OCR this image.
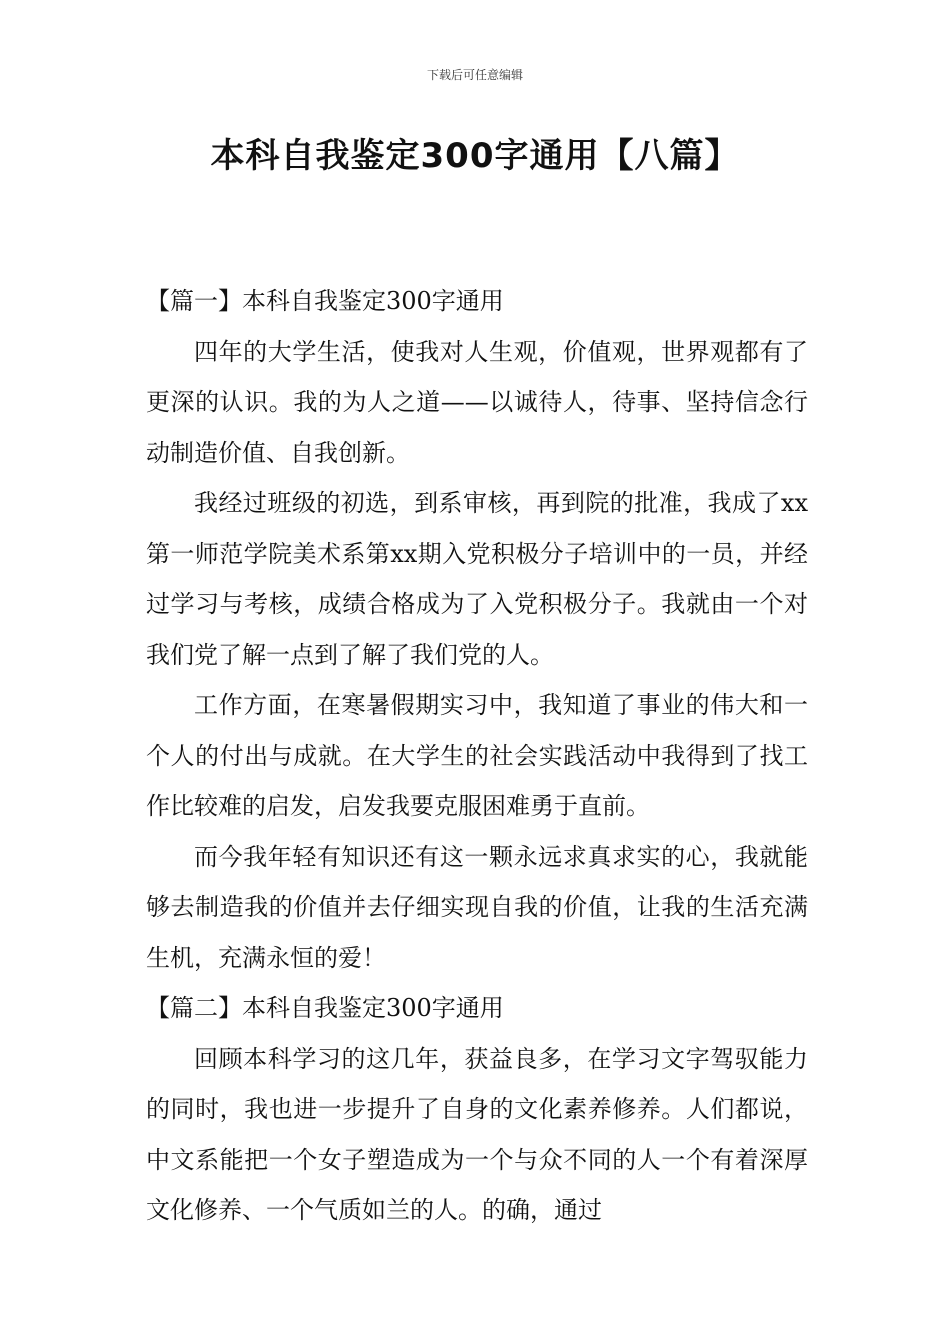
下载后可任意编辑
本科自我鉴定300字通用【八篇】

【篇一】本科自我鉴定300字通用

四年的大学生活，使我对人生观，价值观，世界观都有了更深的认识。我的为人之道——以诚待人，待事、坚持信念行动制造价值、自我创新。

我经过班级的初选，到系审核，再到院的批准，我成了xx第一师范学院美术系第xx期入党积极分子培训中的一员，并经过学习与考核，成绩合格成为了入党积极分子。我就由一个对我们党了解一点到了解了我们党的人。

工作方面，在寒暑假期实习中，我知道了事业的伟大和一个人的付出与成就。在大学生的社会实践活动中我得到了找工作比较难的启发，启发我要克服困难勇于直前。

而今我年轻有知识还有这一颗永远求真求实的心，我就能够去制造我的价值并去仔细实现自我的价值，让我的生活充满生机，充满永恒的爱！

【篇二】本科自我鉴定300字通用

回顾本科学习的这几年，获益良多，在学习文字驾驭能力的同时，我也进一步提升了自身的文化素养修养。人们都说，中文系能把一个女子塑造成为一个与众不同的人一个有着深厚文化修养、一个气质如兰的人。的确，通过
